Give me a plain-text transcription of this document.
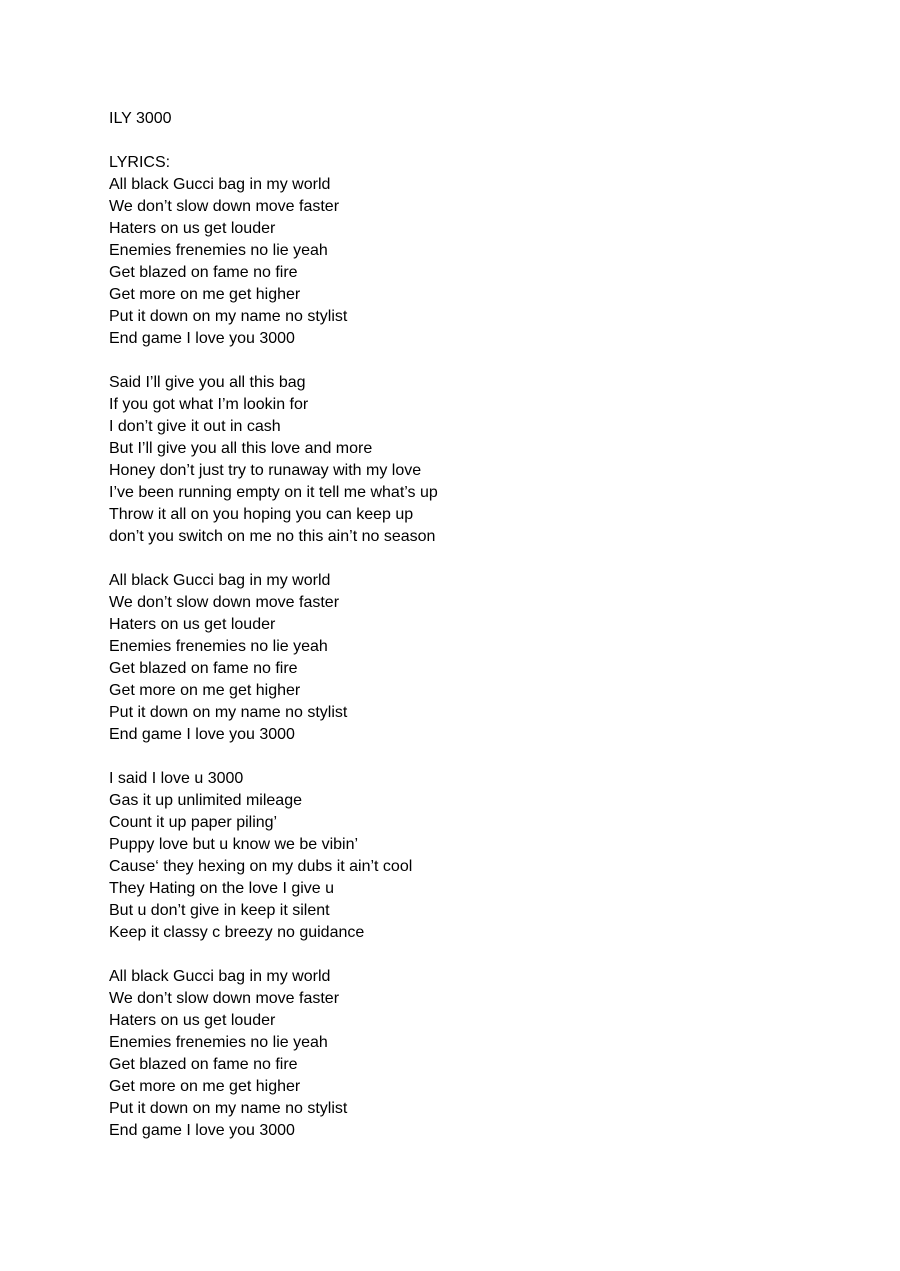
ILY 3000
LYRICS:
All black Gucci bag in my world
We don’t slow down move faster
Haters on us get louder
Enemies frenemies no lie yeah
Get blazed on fame no fire
Get more on me get higher
Put it down on my name no stylist
End game I love you 3000
Said I’ll give you all this bag
If you got what I’m lookin for
I don’t give it out in cash
But I’ll give you all this love and more
Honey don’t just try to runaway with my love
I’ve been running empty on it tell me what’s up
Throw it all on you hoping you can keep up
don’t you switch on me no this ain’t no season
All black Gucci bag in my world
We don’t slow down move faster
Haters on us get louder
Enemies frenemies no lie yeah
Get blazed on fame no fire
Get more on me get higher
Put it down on my name no stylist
End game I love you 3000
I said I love u 3000
Gas it up unlimited mileage
Count it up paper piling’
Puppy love but u know we be vibin’
Cause‘ they hexing on my dubs it ain’t cool
They Hating on the love I give u
But u don’t give in keep it silent
Keep it classy c breezy no guidance
All black Gucci bag in my world
We don’t slow down move faster
Haters on us get louder
Enemies frenemies no lie yeah
Get blazed on fame no fire
Get more on me get higher
Put it down on my name no stylist
End game I love you 3000
